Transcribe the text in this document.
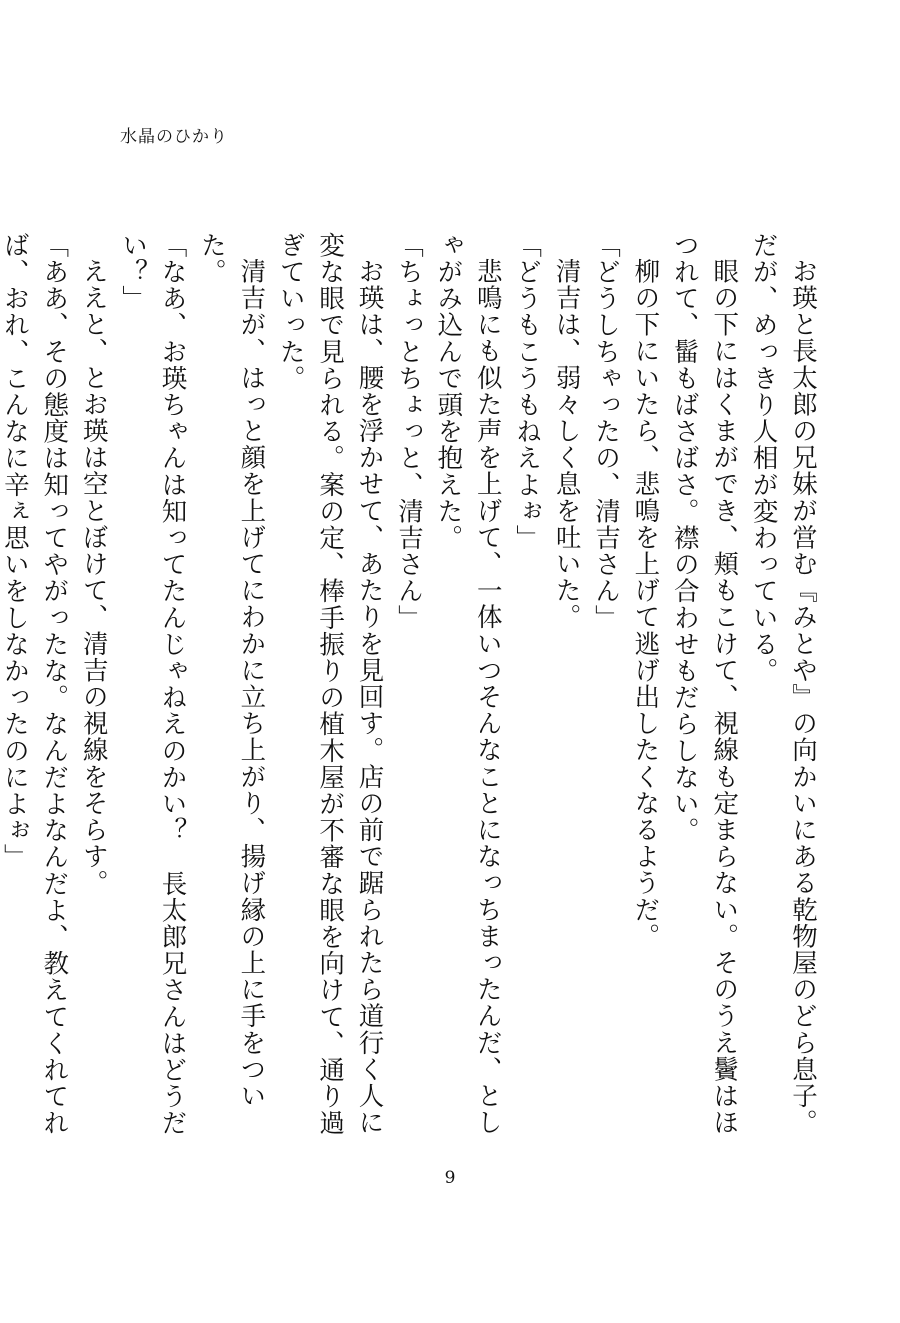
水晶のひかり

お瑛と長太郎の兄妹が営む『みとや』の向かいにある乾物屋のどら息子。だが、めっきり人相が変わっている。

眼の下にはくまができ、頬もこけて、視線も定まらない。そのうえ鬢はほつれて、髷もばさばさ。襟の合わせもだらしない。

柳の下にいたら、悲鳴を上げて逃げ出したくなるようだ。

「どうしちゃったの、清吉さん」

清吉は、弱々しく息を吐いた。

「どうもこうもねえよぉ」

悲鳴にも似た声を上げて、一体いつそんなことになっちまったんだ、としゃがみ込んで頭を抱えた。

「ちょっとちょっと、清吉さん」

お瑛は、腰を浮かせて、あたりを見回す。店の前で踞られたら道行く人に変な眼で見られる。案の定、棒手振りの植木屋が不審な眼を向けて、通り過ぎていった。

清吉が、はっと顔を上げてにわかに立ち上がり、揚げ縁の上に手をついた。

「なあ、お瑛ちゃんは知ってたんじゃねえのかい？　長太郎兄さんはどうだい？」

ええと、とお瑛は空とぼけて、清吉の視線をそらす。

「ああ、その態度は知ってやがったな。なんだよなんだよ、教えてくれてれば、おれ、こんなに辛ぇ思いをしなかったのによぉ」

9
